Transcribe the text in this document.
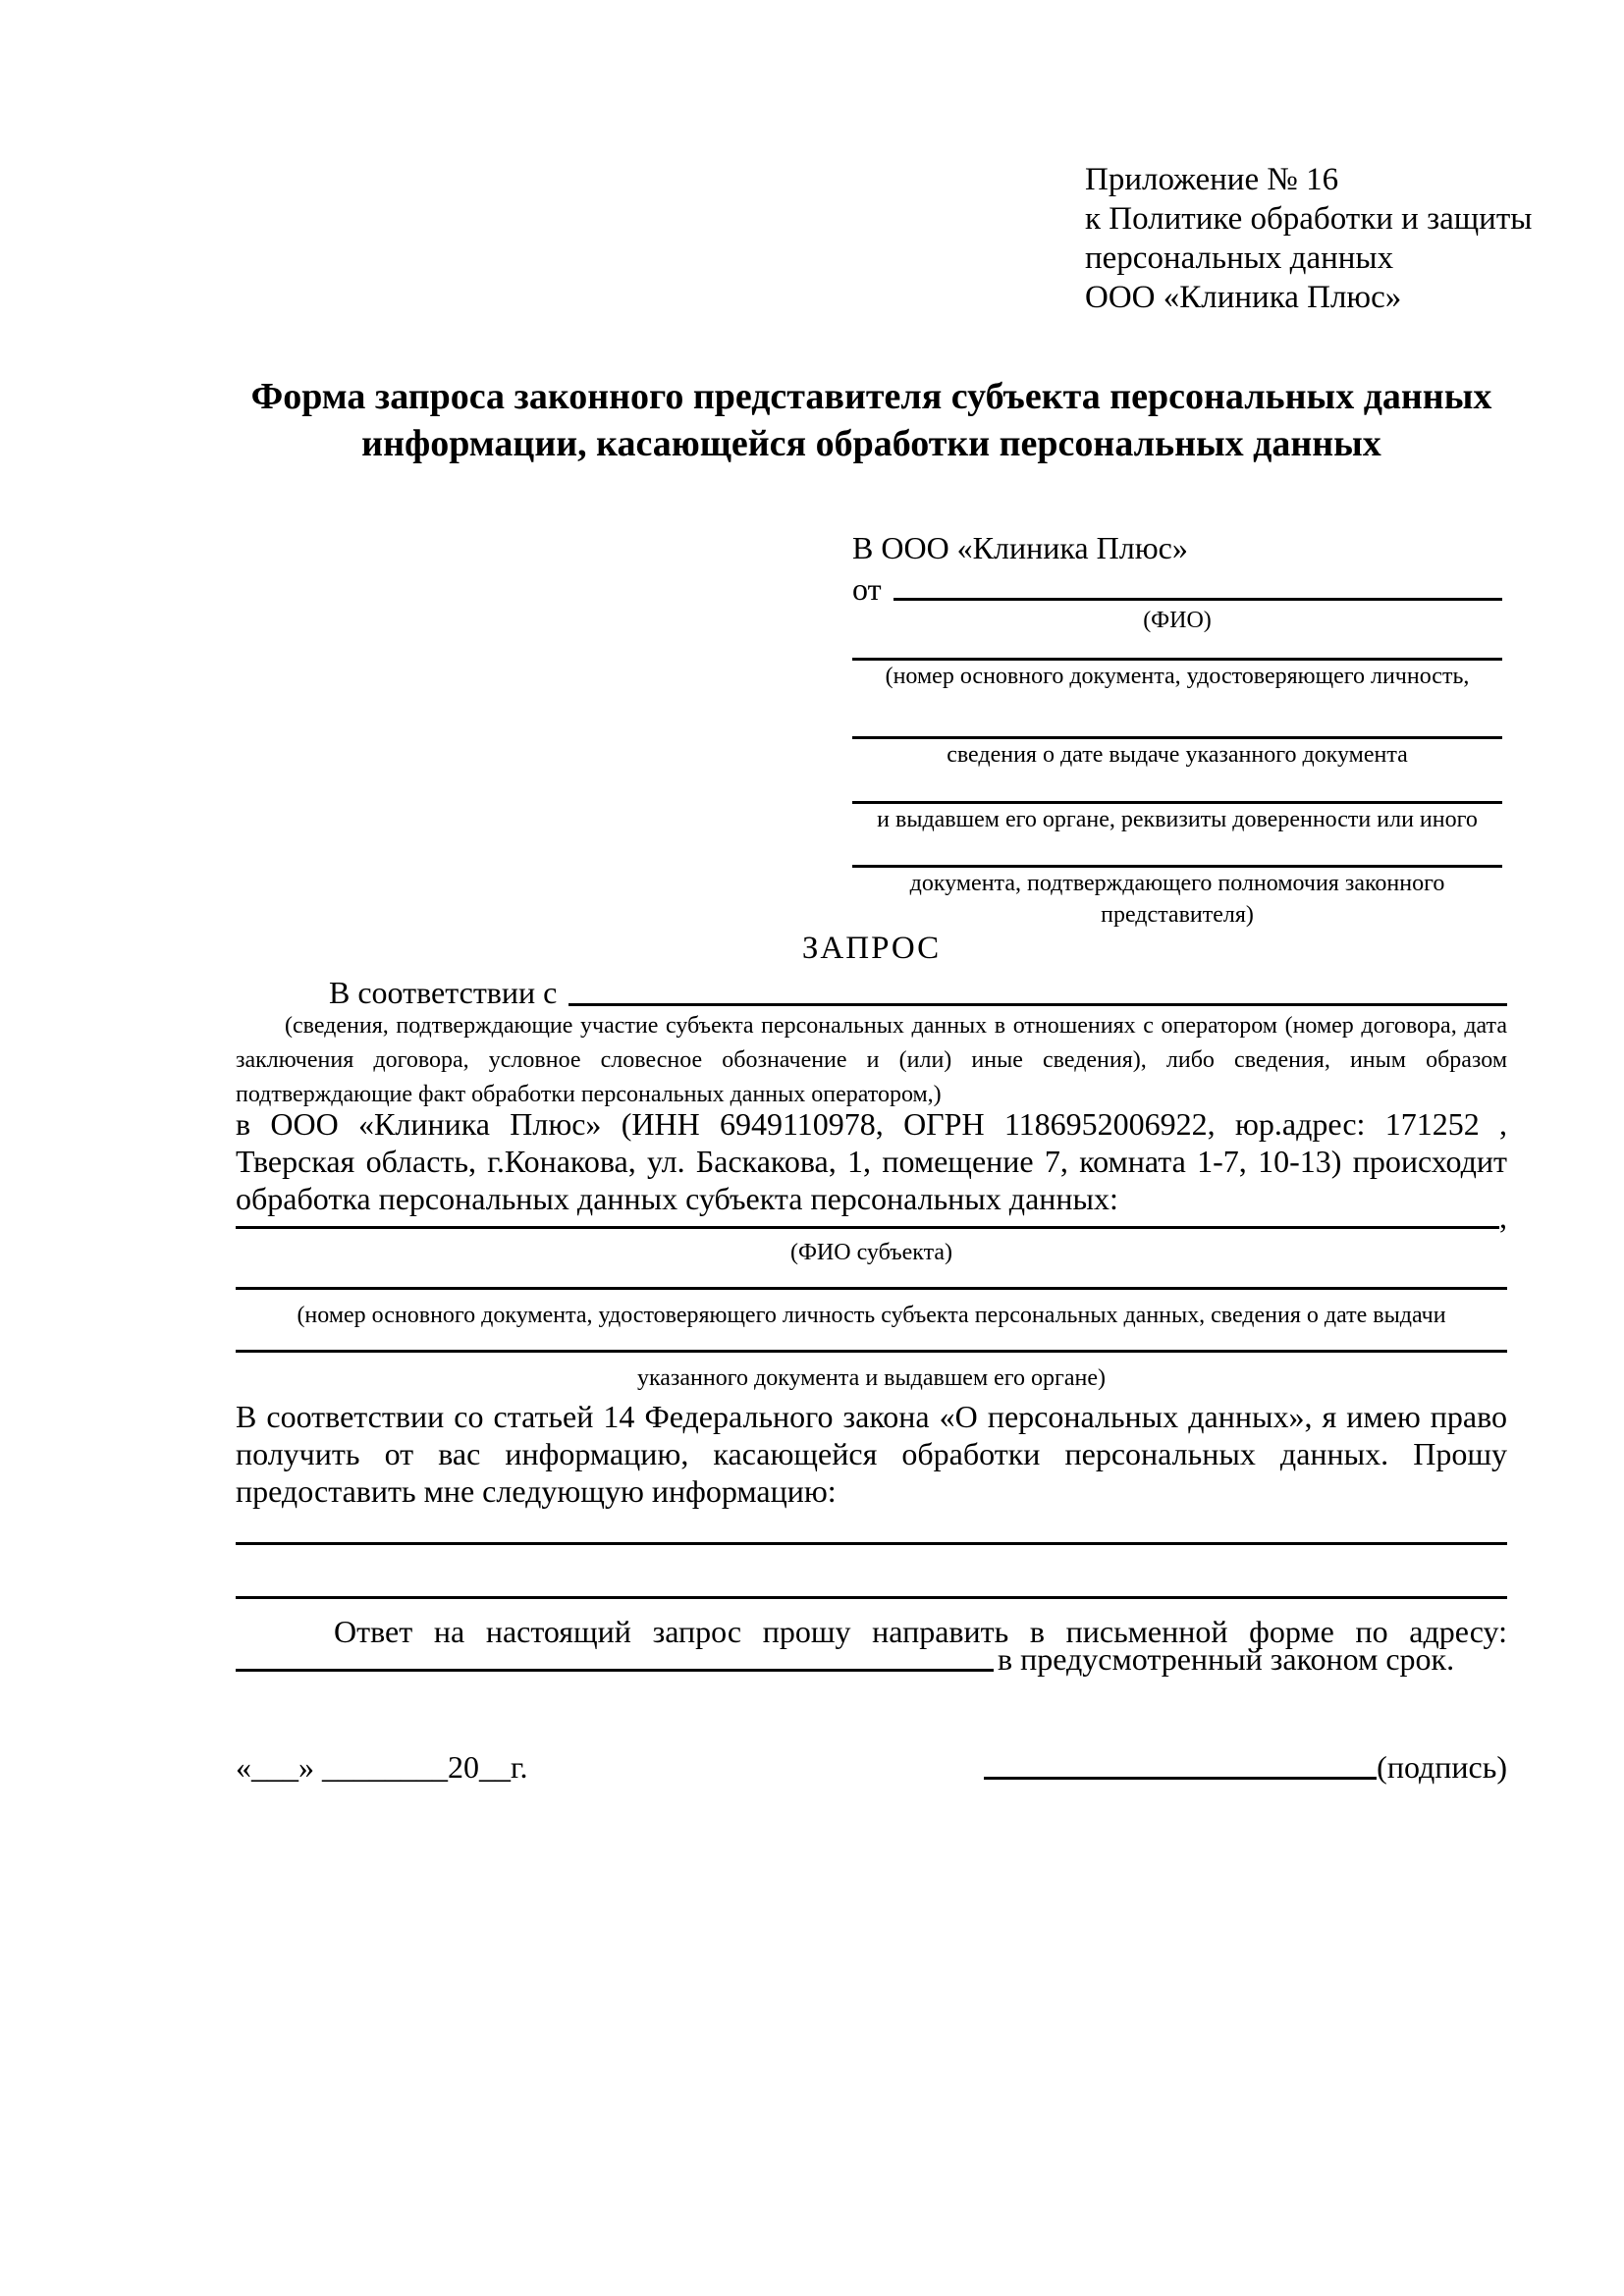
Приложение № 16
к Политике обработки и защиты
персональных данных
ООО «Клиника Плюс»
Форма запроса законного представителя субъекта персональных данных информации, касающейся обработки персональных данных
В ООО «Клиника Плюс»
от
(ФИО)
(номер основного документа, удостоверяющего личность,
сведения о дате выдаче указанного документа
и выдавшем его органе, реквизиты доверенности или иного
документа, подтверждающего полномочия законного представителя)
ЗАПРОС
В соответствии с
(сведения, подтверждающие участие субъекта персональных данных в отношениях с оператором (номер договора, дата заключения договора, условное словесное обозначение и (или) иные сведения), либо сведения, иным образом подтверждающие факт обработки персональных данных оператором,)
в ООО «Клиника Плюс» (ИНН 6949110978, ОГРН 1186952006922, юр.адрес: 171252 , Тверская область, г.Конакова, ул. Баскакова, 1, помещение 7, комната 1-7, 10-13) происходит обработка персональных данных субъекта персональных данных:
,
(ФИО субъекта)
(номер основного документа, удостоверяющего личность субъекта персональных данных, сведения о дате выдачи
указанного документа и выдавшем его органе)
В соответствии со статьей 14 Федерального закона «О персональных данных», я имею право получить от вас информацию, касающейся обработки персональных данных. Прошу предоставить мне следующую информацию:
Ответ на настоящий запрос прошу направить в письменной форме по адресу:
в предусмотренный законом срок.
«___» ________20__г.	(подпись)
